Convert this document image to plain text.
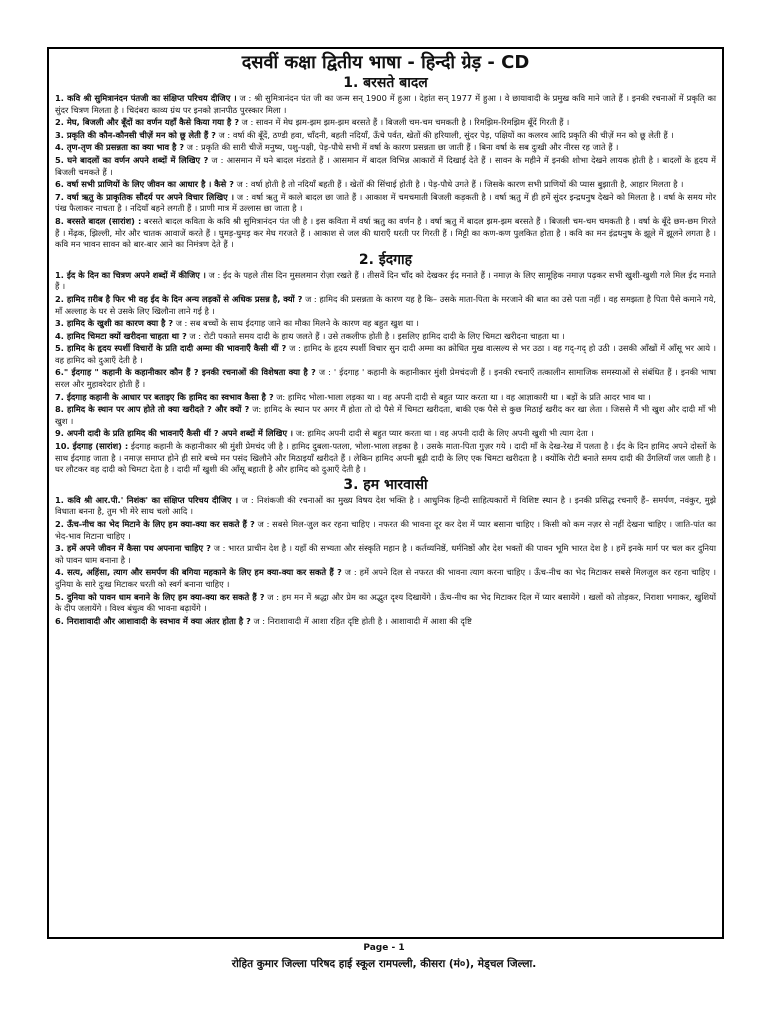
दसवीं कक्षा द्वितीय भाषा - हिन्दी ग्रेड़ - CD
1. बरसते बादल

1. कवि श्री सुमित्रानंदन पंतजी का संक्षिप्त परिचय दीजिए । ज : श्री सुमित्रानंदन पंत जी का जन्म सन् 1900 में हुआ । देहांत सन् 1977 में हुआ । वे छायावादी के प्रमुख कवि माने जाते हैं । इनकी रचनाओं में प्रकृति का सुंदर चित्रण मिलता है । चिदंबरा काव्य ग्रंथ पर इनको ज्ञानपीठ पुरस्कार मिला ।

2. मेघ, बिजली और बूँदों का वर्णन यहाँ कैसे किया गया है ? ज : सावन में मेघ झम-झम झम-झम बरसते हैं । बिजली चम-चम चमकती है । रिमझिम-रिमझिम बूँदें गिरती हैं ।

3. प्रकृति की कौन-कौनसी चीज़ें मन को छू लेती हैं ? ज : वर्षा की बूँदें, ठण्डी हवा, चाँदनी, बहती नदियाँ, ऊँचे पर्वत, खेतों की हरियाली, सुंदर पेड़, पक्षियों का कलरव आदि प्रकृति की चीज़ें मन को छू लेती हैं ।

4. तृण-तृण की प्रसन्नता का क्या भाव है ? ज : प्रकृति की सारी चीजें मनुष्य, पशु-पक्षी, पेड़-पौधे सभी में वर्षा के कारण प्रसन्नता छा जाती हैं । बिना वर्षा के सब दुःखी और नीरस रह जाते हैं ।

5. घने बादलों का वर्णन अपने शब्दों में लिखिए ? ज : आसमान में घने बादल मंडराते हैं । आसमान में बादल विभिन्न आकारों में दिखाई देते हैं । सावन के महीने में इनकी शोभा देखने लायक होती है । बादलों के हृदय में बिजली चमकते हैं ।

6. वर्षा सभी प्राणियों के लिए जीवन का आधार है । कैसे ? ज : वर्षा होती है तो नदियाँ बहती हैं । खेतों की सिंचाई होती है । पेड़-पौधे उगते हैं । जिसके कारण सभी प्राणियों की प्यास बुझाती है, आहार मिलता है ।

7. वर्षा ऋतु के प्राकृतिक सौंदर्य पर अपने विचार लिखिए । ज : वर्षा ऋतु में काले बादल छा जाते हैं । आकाश में चमचमाती बिजली कड़कती है । वर्षा ऋतु में ही हमें सुंदर इन्द्रधनुष देखने को मिलता है । वर्षा के समय मोर पंख फैलाकर नाचता है । नदियाँ बहने लगती हैं । प्राणी मात्र में उल्लास छा जाता है ।

8. बरसते बादल (सारांश) : बरसते बादल कविता के कवि श्री सुमित्रानंदन पंत जी है । इस कविता में वर्षा ऋतु का वर्णन है । वर्षा ऋतु में बादल झम-झम बरसते हैं । बिजली चम-चम चमकती है । वर्षा के बूँदे छम-छम गिरते हैं । मेंढ़क, झिल्ली, मोर और चातक आवाजें करते हैं । घुमड़-घुमड़ कर मेघ गरजते हैं । आकाश से जल की धाराएँ धरती पर गिरती हैं । मिट्टी का कण-कण पुलकित होता है । कवि का मन इंद्रधनुष के झूले में झूलने लगता है । कवि मन भावन सावन को बार-बार आने का निमंत्रण देते हैं ।

2. ईदगाह

1. ईद के दिन का चित्रण अपने शब्दों में कीजिए । ज : ईद के पहले तीस दिन मुसलमान रोज़ा रखते हैं । तीसवें दिन चाँद को देखकर ईद मनाते हैं । नमाज़ के लिए सामूहिक नमाज़ पढ़कर सभी खुशी-खुशी गले मिल ईद मनाते हैं ।

2. हामिद ग़रीब है फिर भी वह ईद के दिन अन्य लड़कों से अधिक प्रसन्न है, क्यों ? ज : हामिद की प्रसन्नता के कारण यह है कि– उसके माता-पिता के मरजाने की बात का उसे पता नहीं । वह समझता है पिता पैसे कमाने गये, माँ अल्लाह के घर से उसके लिए खिलौना लाने गई है ।

3. हामिद के खुशी का कारण क्या है ? ज : सब बच्चों के साथ ईदगाह जाने का मौका मिलने के कारण वह बहुत खुश था ।

4. हामिद चिमटा क्यों खरीदना चाहता था ? ज : रोटी पकाते समय दादी के हाथ जलते हैं । उसे तकलीफ होती है । इसलिए हामिद दादी के लिए चिमटा खरीदना चाहता था ।

5. हामिद के हृदय स्पर्शी विचारों के प्रति दादी अम्मा की भावनाएँ कैसी थीं ? ज : हामिद के हृदय स्पर्शी विचार सुन दादी अम्मा का क्रोधित मुख वात्सल्य से भर उठा । वह गद्-गद् हो उठी । उसकी आँखों में आँसू भर आये । वह हामिद को दुआएँ देती है ।

6." ईदगाह " कहानी के कहानीकार कौन हैं ? इनकी रचनाओं की विशेषता क्या है ? ज : ' ईदगाह ' कहानी के कहानीकार मुंशी प्रेमचंदजी हैं । इनकी रचनाएँ तत्कालीन सामाजिक समस्याओं से संबंधित हैं । इनकी भाषा सरल और मुहावरेदार होती हैं ।

7. ईदगाह कहानी के आधार पर बताइए कि हामिद का स्वभाव कैसा है ? ज: हामिद भोला-भाला लड़का था । वह अपनी दादी से बहुत प्यार करता था । वह आज्ञाकारी था । बड़ों के प्रति आदर भाव था ।

8. हामिद के स्थान पर आप होते तो क्या खरीदते ? और क्यों ? ज: हामिद के स्थान पर अगर मैं होता तो दो पैसे में चिमटा खरीदता, बाकी एक पैसे से कुछ मिठाई खरीद कर खा लेता । जिससे मैं भी खुश और दादी माँ भी खुश ।

9. अपनी दादी के प्रति हामिद की भावनाएँ कैसी थीं ? अपने शब्दों में लिखिए । ज: हामिद अपनी दादी से बहुत प्यार करता था । वह अपनी दादी के लिए अपनी खुशी भी त्याग देता ।

10. ईदगाह (सारांश) : ईदगाह कहानी के कहानीकार श्री मुंशी प्रेमचंद जी है । हामिद दुबला-पतला, भोला-भाला लड़का है । उसके माता-पिता गुज़र गये । दादी माँ के देख-रेख में पलता है । ईद के दिन हामिद अपने दोस्तों के साथ ईदगाह जाता है । नमाज़ समाप्त होने ही सारे बच्चे मन पसंद खिलौने और मिठाइयाँ खरीदते हैं । लेकिन हामिद अपनी बूढ़ी दादी के लिए एक चिमटा खरीदता है । क्योंकि रोटी बनाते समय दादी की उँगलियाँ जल जाती है । घर लौटकर वह दादी को चिमटा देता है । दादी माँ खुशी की आँसू बहाती है और हामिद को दुआएँ देती है ।

3. हम भारवासी

1. कवि श्री आर.पी.' निशंक' का संक्षिप्त परिचय दीजिए । ज : निशंकजी की रचनाओं का मुख्य विषय देश भक्ति है । आधुनिक हिन्दी साहित्यकारों में विशिष्ट स्थान है । इनकी प्रसिद्ध रचनाएँ हैं– समर्पण, नवंकुर, मुझे विधाता बनना है, तुम भी मेरे साथ चलो आदि ।

2. ऊँच-नीच का भेद मिटाने के लिए हम क्या-क्या कर सकते हैं ? ज : सबसे मिल-जुल कर रहना चाहिए । नफरत की भावना दूर कर देश में प्यार बसाना चाहिए । किसी को कम नज़र से नहीं देखना चाहिए । जाति-पांत का भेद-भाव मिटाना चाहिए ।

3. हमें अपने जीवन में कैसा पथ अपनाना चाहिए ? ज : भारत प्राचीन देश है । यहाँ की सभ्यता और संस्कृति महान है । कर्तव्यनिष्ठें, धर्मनिष्ठों और देश भक्तों की पावन भूमि भारत देश है । हमें इनके मार्ग पर चल कर दुनिया को पावन धाम बनाना है ।

4. सत्य, अहिंसा, त्याग और समर्पण की बगिया महकाने के लिए हम क्या-क्या कर सकते हैं ? ज : हमें अपने दिल से नफरत की भावना त्याग करना चाहिए । ऊँच-नीच का भेद मिटाकर सबसे मिलजुल कर रहना चाहिए । दुनिया के सारे दुःख मिटाकर धरती को स्वर्ग बनाना चाहिए ।

5. दुनिया को पावन धाम बनाने के लिए हम क्या-क्या कर सकते हैं ? ज : हम मन में श्रद्धा और प्रेम का अद्भुत दृश्य दिखायेंगे । ऊँच-नीच का भेद मिटाकर दिल में प्यार बसायेंगे । खलों को तोड़कर, निराशा भगाकर, खुशियों के दीप जलायेंगे । विश्व बंधुत्व की भावना बढ़ायेंगे ।

6. निराशावादी और आशावादी के स्वभाव में क्या अंतर होता है ? ज : निराशावादी में आशा रहित दृष्टि होती है । आशावादी में आशा की दृष्टि

Page - 1
रोहित कुमार जिल्ला परिषद हाई स्कूल रामपल्ली, कीसरा (मं०), मेड्चल जिल्ला.
